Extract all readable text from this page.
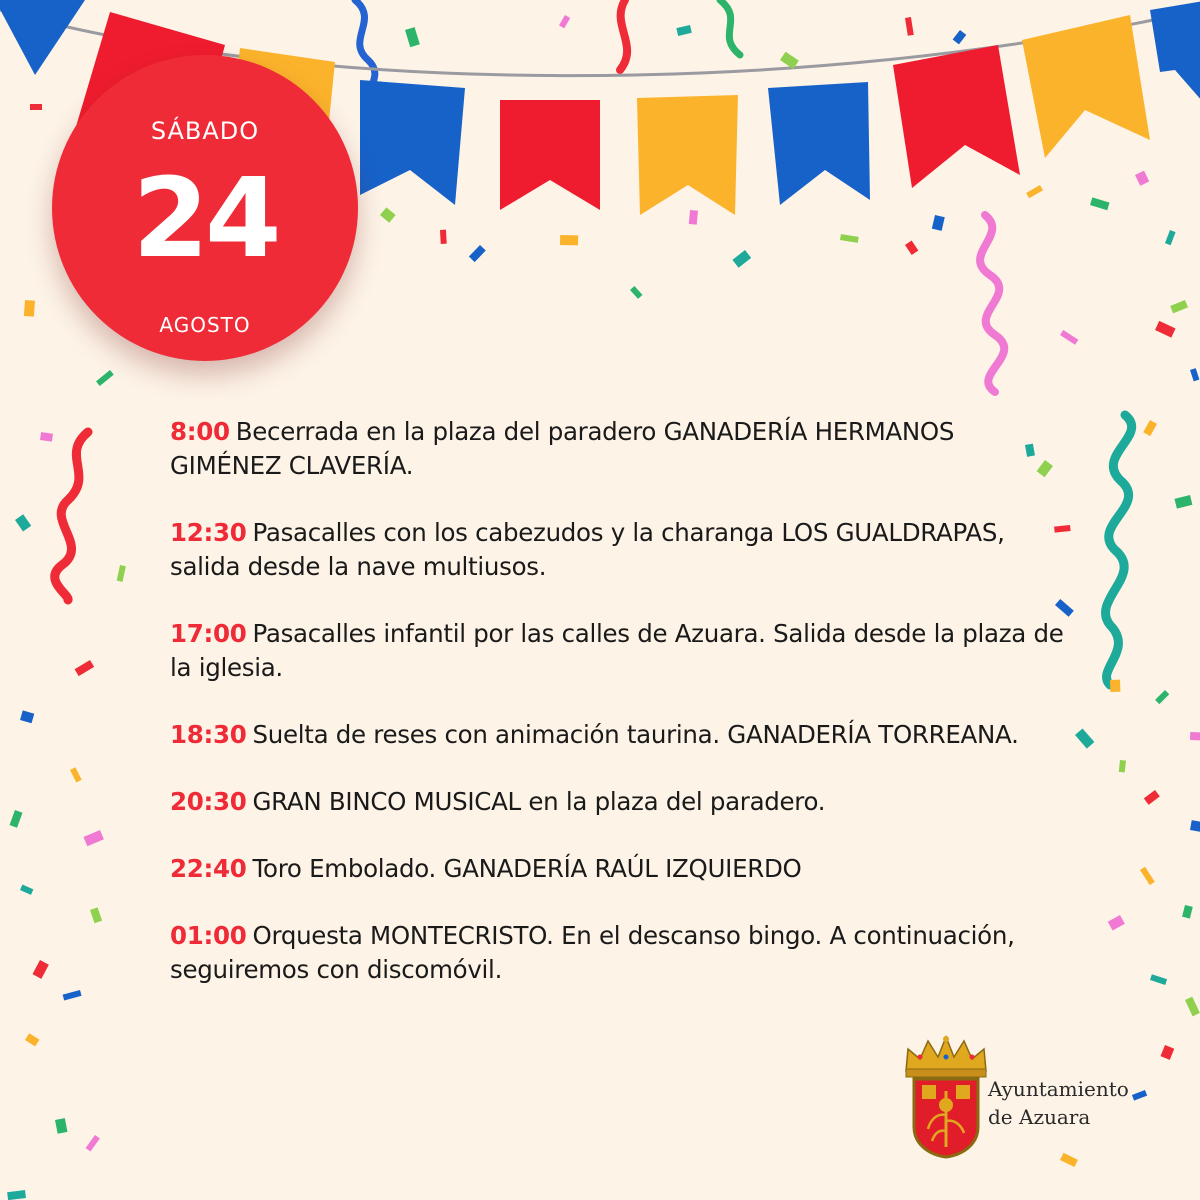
SÁBADO
24
AGOSTO
8:00 Becerrada en la plaza del paradero GANADERÍA HERMANOS GIMÉNEZ CLAVERÍA.
12:30 Pasacalles con los cabezudos y la charanga LOS GUALDRAPAS, salida desde la nave multiusos.
17:00 Pasacalles infantil por las calles de Azuara. Salida desde la plaza de la iglesia.
18:30 Suelta de reses con animación taurina. GANADERÍA TORREANA.
20:30 GRAN BINCO MUSICAL en la plaza del paradero.
22:40 Toro Embolado. GANADERÍA RAÚL IZQUIERDO
01:00 Orquesta MONTECRISTO. En el descanso bingo. A continuación, seguiremos con discomóvil.
Ayuntamiento
de Azuara
